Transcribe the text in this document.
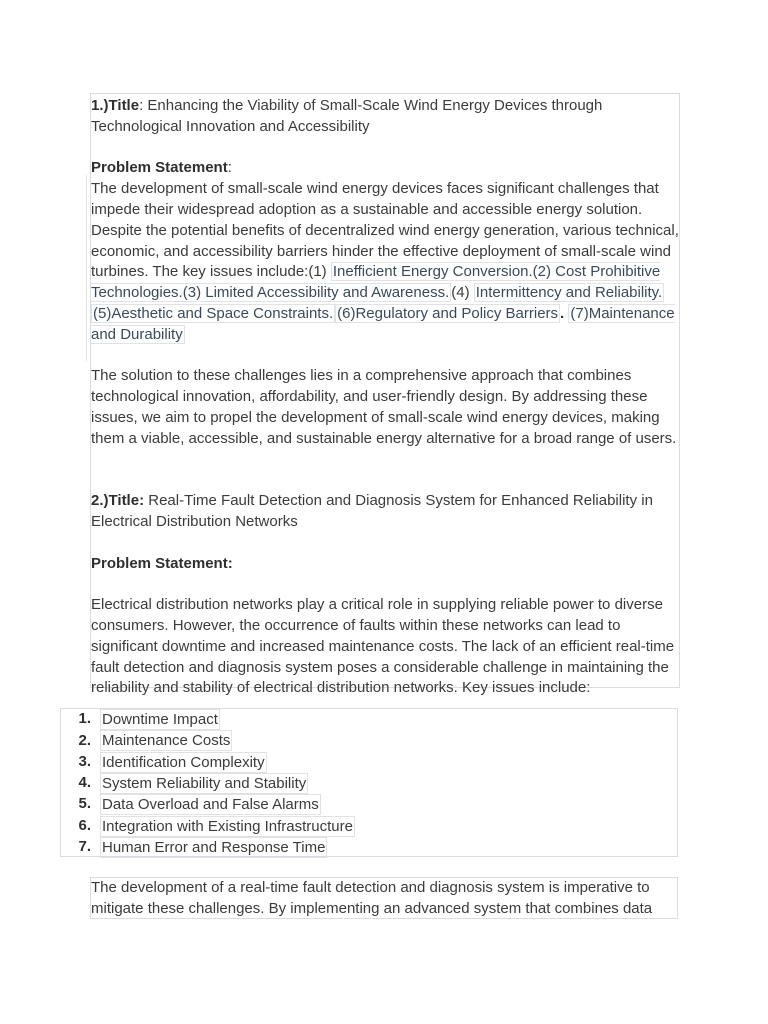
1.)Title: Enhancing the Viability of Small-Scale Wind Energy Devices through Technological Innovation and Accessibility

Problem Statement:

The development of small-scale wind energy devices faces significant challenges that impede their widespread adoption as a sustainable and accessible energy solution. Despite the potential benefits of decentralized wind energy generation, various technical, economic, and accessibility barriers hinder the effective deployment of small-scale wind turbines. The key issues include:(1) Inefficient Energy Conversion.(2) Cost Prohibitive Technologies.(3) Limited Accessibility and Awareness. (4) Intermittency and Reliability.(5)Aesthetic and Space Constraints. (6)Regulatory and Policy Barriers . (7)Maintenance and Durability

The solution to these challenges lies in a comprehensive approach that combines technological innovation, affordability, and user-friendly design. By addressing these issues, we aim to propel the development of small-scale wind energy devices, making them a viable, accessible, and sustainable energy alternative for a broad range of users.

2.)Title: Real-Time Fault Detection and Diagnosis System for Enhanced Reliability in Electrical Distribution Networks

Problem Statement:

Electrical distribution networks play a critical role in supplying reliable power to diverse consumers. However, the occurrence of faults within these networks can lead to significant downtime and increased maintenance costs. The lack of an efficient real-time fault detection and diagnosis system poses a considerable challenge in maintaining the reliability and stability of electrical distribution networks. Key issues include:

1. Downtime Impact
2. Maintenance Costs
3. Identification Complexity
4. System Reliability and Stability
5. Data Overload and False Alarms
6. Integration with Existing Infrastructure
7. Human Error and Response Time

The development of a real-time fault detection and diagnosis system is imperative to mitigate these challenges. By implementing an advanced system that combines data
